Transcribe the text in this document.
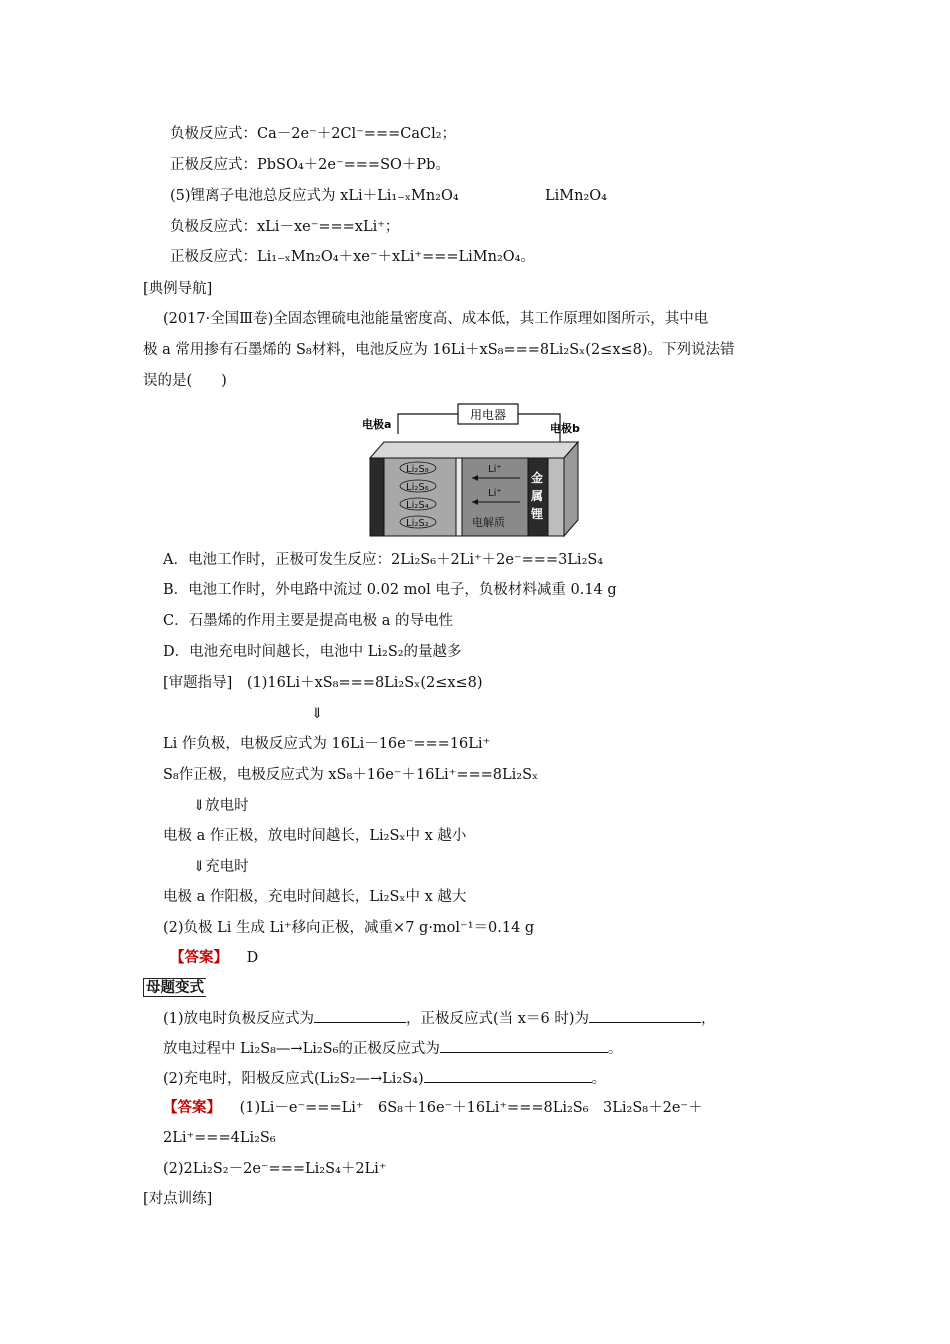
负极反应式：Ca－2e⁻＋2Cl⁻===CaCl₂；
正极反应式：PbSO₄＋2e⁻===SO＋Pb。
(5)锂离子电池总反应式为 xLi＋Li₁₋ₓMn₂O₄	LiMn₂O₄
负极反应式：xLi－xe⁻===xLi⁺；
正极反应式：Li₁₋ₓMn₂O₄＋xe⁻＋xLi⁺===LiMn₂O₄。
[典例导航]
(2017·全国Ⅲ卷)全固态锂硫电池能量密度高、成本低，其工作原理如图所示，其中电
极 a 常用掺有石墨烯的 S₈材料，电池反应为 16Li＋xS₈===8Li₂Sₓ(2≤x≤8)。下列说法错
误的是(　　)
用电器
电极a	电极b
Li₂S₈
Li₂S₆
Li₂S₄
Li₂S₂
Li⁺
Li⁺
电解质
金
属
锂
A．电池工作时，正极可发生反应：2Li₂S₆＋2Li⁺＋2e⁻===3Li₂S₄
B．电池工作时，外电路中流过 0.02 mol 电子，负极材料减重 0.14 g
C．石墨烯的作用主要是提高电极 a 的导电性
D．电池充电时间越长，电池中 Li₂S₂的量越多
[审题指导]　(1)16Li＋xS₈===8Li₂Sₓ(2≤x≤8)
⇓
Li 作负极，电极反应式为 16Li－16e⁻===16Li⁺
S₈作正极，电极反应式为 xS₈＋16e⁻＋16Li⁺===8Li₂Sₓ
⇓放电时
电极 a 作正极，放电时间越长，Li₂Sₓ中 x 越小
⇓充电时
电极 a 作阳极，充电时间越长，Li₂Sₓ中 x 越大
(2)负极 Li 生成 Li⁺移向正极，减重×7 g·mol⁻¹＝0.14 g
【答案】 D
母题变式
(1)放电时负极反应式为	，正极反应式(当 x＝6 时)为	，
放电过程中 Li₂S₈—→Li₂S₆的正极反应式为	。
(2)充电时，阳极反应式(Li₂S₂—→Li₂S₄)	。
【答案】 (1)Li－e⁻===Li⁺　6S₈＋16e⁻＋16Li⁺===8Li₂S₆　3Li₂S₈＋2e⁻＋
2Li⁺===4Li₂S₆
(2)2Li₂S₂－2e⁻===Li₂S₄＋2Li⁺
[对点训练]
